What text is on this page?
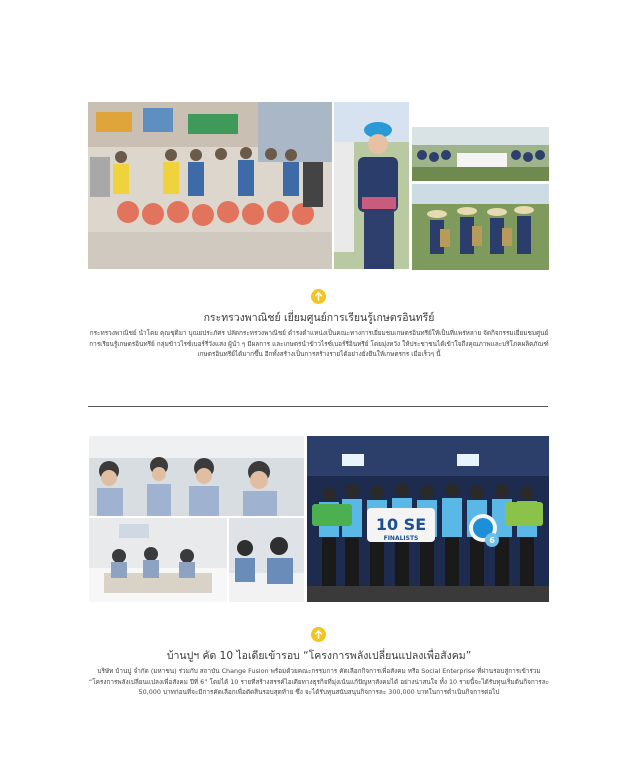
กระทรวงพาณิชย์ เยี่ยมศูนย์การเรียนรู้เกษตรอินทรีย์

กระทรวงพาณิชย์ นำโดย คุณชุติมา บุณยประภัศร ปลัดกระทรวงพาณิชย์ ดำรงตำแหน่งเป็นคณะทางการเยี่ยมชมเกษตรอินทรีย์ให้เป็นที่แพร่หลาย จัดกิจกรรมเยี่ยมชมศูนย์การเรียนรู้เกษตรอินทรีย์ กลุ่มข้าวไรซ์เบอร์รี่วังแสง ผู้นำ ๆ มีผลการ และเกษตรนำข้าวไรซ์เบอร์รี่อินทรีย์ โดยมุ่งหวัง ให้ประชาชนได้เข้าใจถึงคุณภาพและบริโภคผลิตภัณฑ์เกษตรอินทรีย์ได้มากขึ้น อีกทั้งสร้างเป็นการสร้างรายได้อย่างยั่งยืนให้เกษตรกร เมื่อเร็วๆ นี้

10 SE
FINALISTS	6
บ้านปูฯ คัด 10 ไอเดียเข้ารอบ “โครงการพลังเปลี่ยนแปลงเพื่อสังคม”

บริษัท บ้านปู จำกัด (มหาชน) ร่วมกับ สถาบัน Change Fusion พร้อมด้วยคณะกรรมการ คัดเลือกกิจการเพื่อสังคม หรือ Social Enterprise ที่ผ่านรอบสู่การเข้าร่วม “โครงการพลังเปลี่ยนแปลงเพื่อสังคม ปีที่ 6” โดยได้ 10 รายที่สร้างสรรค์ไอเดียทางธุรกิจที่มุ่งเน้นแก้ปัญหาสังคมได้ อย่างน่าสนใจ ทั้ง 10 รายนี้จะได้รับทุนเริ่มต้นกิจการละ 50,000 บาทก่อนที่จะมีการคัดเลือกเพื่อตัดสินรอบสุดท้าย ซึ่ง จะได้รับทุนสนับสนุนกิจการละ 300,000 บาทในการดำเนินกิจการต่อไป
